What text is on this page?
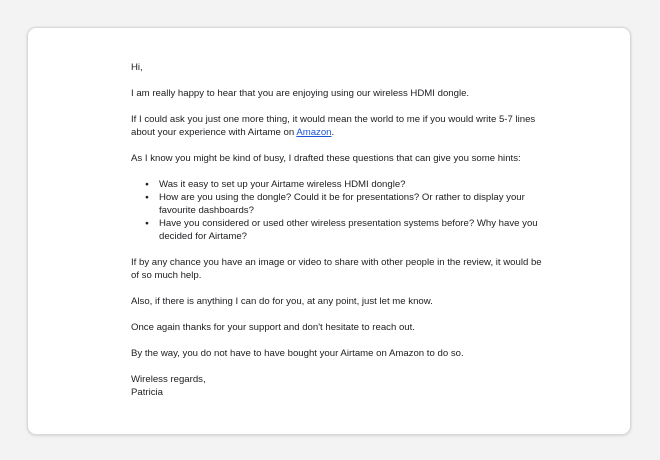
Hi,

I am really happy to hear that you are enjoying using our wireless HDMI dongle.

If I could ask you just one more thing, it would mean the world to me if you would write 5-7 lines about your experience with Airtame on Amazon.

As I know you might be kind of busy, I drafted these questions that can give you some hints:

● Was it easy to set up your Airtame wireless HDMI dongle?
● How are you using the dongle? Could it be for presentations? Or rather to display your favourite dashboards?
● Have you considered or used other wireless presentation systems before? Why have you decided for Airtame?

If by any chance you have an image or video to share with other people in the review, it would be of so much help.

Also, if there is anything I can do for you, at any point, just let me know.

Once again thanks for your support and don't hesitate to reach out.

By the way, you do not have to have bought your Airtame on Amazon to do so.

Wireless regards,
Patricia
